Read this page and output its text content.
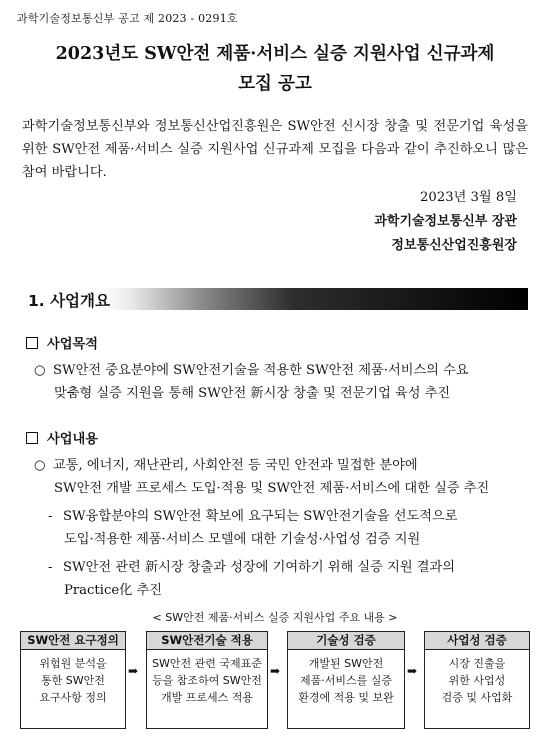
과학기술정보통신부 공고 제 2023 - 0291호
2023년도 SW안전 제품·서비스 실증 지원사업 신규과제
모집 공고
과학기술정보통신부와 정보통신산업진흥원은 SW안전 신시장 창출 및 전문기업 육성을 위한 SW안전 제품·서비스 실증 지원사업 신규과제 모집을 다음과 같이 추진하오니 많은 참여 바랍니다.
2023년 3월 8일
과학기술정보통신부 장관
정보통신산업진흥원장
1. 사업개요
사업목적
○ SW안전 중요분야에 SW안전기술을 적용한 SW안전 제품·서비스의 수요
맞춤형 실증 지원을 통해 SW안전 新시장 창출 및 전문기업 육성 추진
사업내용
○ 교통, 에너지, 재난관리, 사회안전 등 국민 안전과 밀접한 분야에
SW안전 개발 프로세스 도입·적용 및 SW안전 제품·서비스에 대한 실증 추진
- SW융합분야의 SW안전 확보에 요구되는 SW안전기술을 선도적으로
도입·적용한 제품·서비스 모델에 대한 기술성·사업성 검증 지원
- SW안전 관련 新시장 창출과 성장에 기여하기 위해 실증 지원 결과의
Practice化 추진
< SW안전 제품·서비스 실증 지원사업 주요 내용 >
SW안전 요구정의
위험원 분석을
통한 SW안전
요구사항 정의
➡
SW안전기술 적용
SW안전 관련 국제표준
등을 참조하여 SW안전
개발 프로세스 적용
➡
기술성 검증
개발된 SW안전
제품·서비스를 실증
환경에 적용 및 보완
➡
사업성 검증
시장 진출을
위한 사업성
검증 및 사업화
